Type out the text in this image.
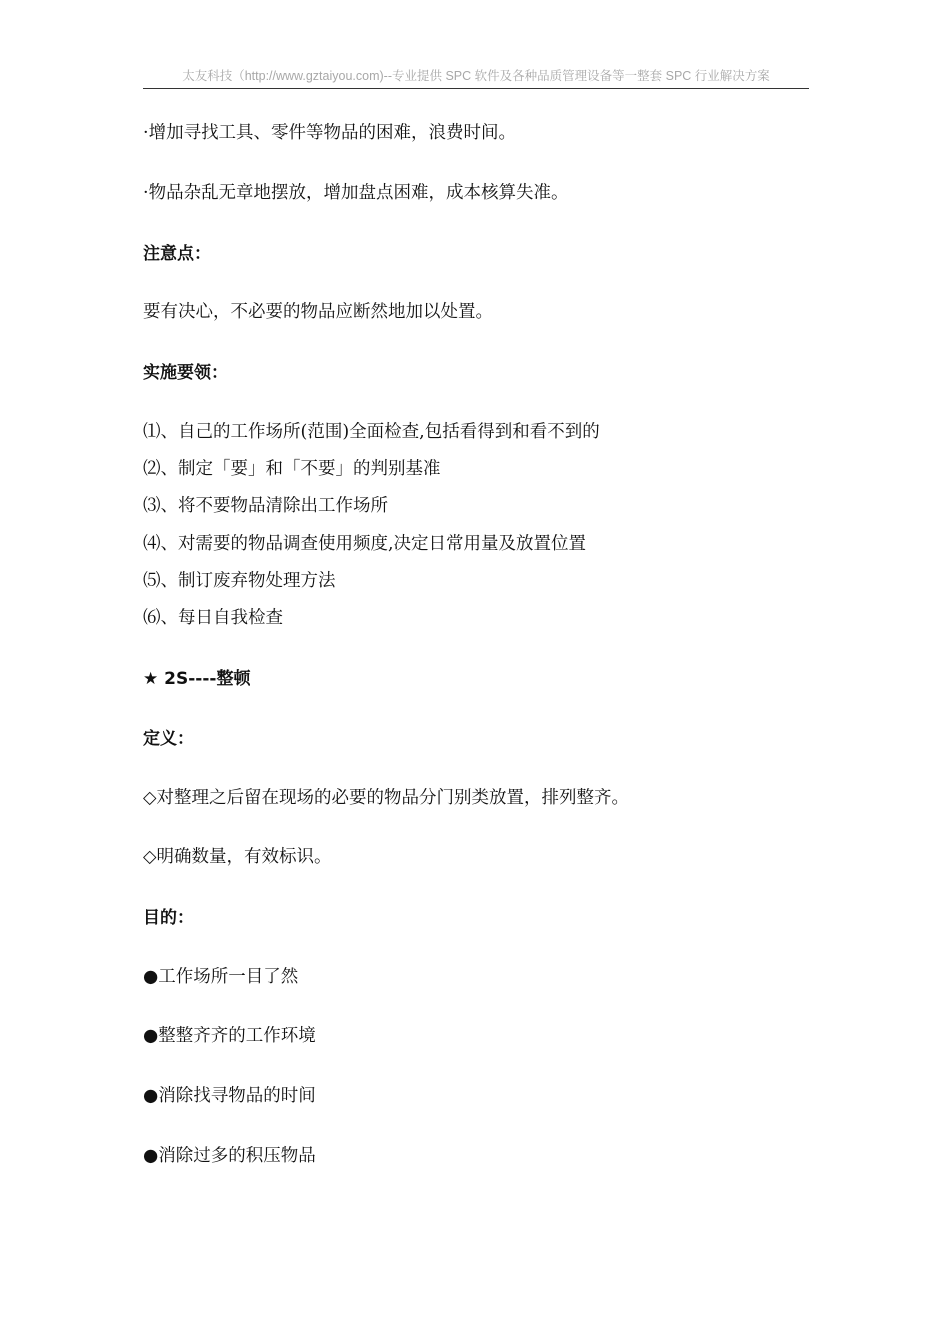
太友科技（http://www.gztaiyou.com)--专业提供 SPC 软件及各种品质管理设备等一整套 SPC 行业解决方案
·增加寻找工具、零件等物品的困难，浪费时间。
·物品杂乱无章地摆放，增加盘点困难，成本核算失准。
注意点：
要有决心，不必要的物品应断然地加以处置。
实施要领：
⑴、自己的工作场所(范围)全面检查,包括看得到和看不到的
⑵、制定「要」和「不要」的判别基准
⑶、将不要物品清除出工作场所
⑷、对需要的物品调查使用频度,决定日常用量及放置位置
⑸、制订废弃物处理方法
⑹、每日自我检查
★ 2S----整顿
定义：
◇对整理之后留在现场的必要的物品分门别类放置，排列整齐。
◇明确数量，有效标识。
目的：
●工作场所一目了然
●整整齐齐的工作环境
●消除找寻物品的时间
●消除过多的积压物品
